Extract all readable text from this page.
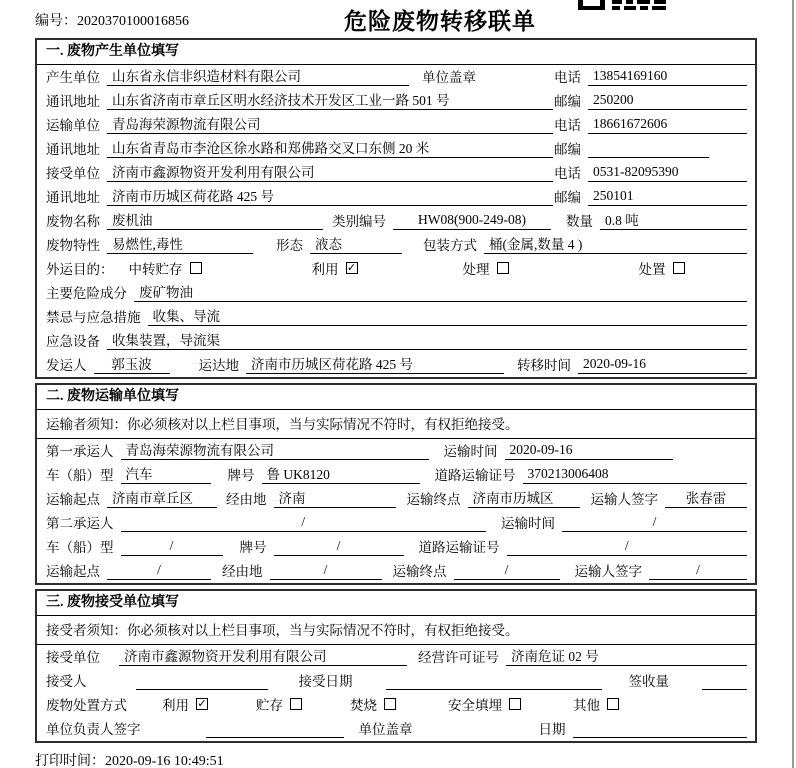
编号：2020370100016856	危险废物转移联单
一. 废物产生单位填写
产生单位 山东省永信非织造材料有限公司	单位盖章	电话 13854169160
通讯地址 山东省济南市章丘区明水经济技术开发区工业一路 501 号	邮编 250200
运输单位 青岛海荣源物流有限公司	电话 18661672606
通讯地址 山东省青岛市李沧区徐水路和郑佛路交叉口东侧 20 米	邮编
接受单位 济南市鑫源物资开发利用有限公司	电话 0531-82095390
通讯地址 济南市历城区荷花路 425 号	邮编 250101
废物名称 废机油	类别编号	HW08(900-249-08)	数量 0.8 吨
废物特性 易燃性,毒性	形态 液态	包装方式 桶(金属,数量 4 )
外运目的：	中转贮存	利用 ✓	处理	处置
主要危险成分 废矿物油
禁忌与应急措施 收集、导流
应急设备 收集装置，导流渠
发运人	郭玉波	运达地 济南市历城区荷花路 425 号	转移时间 2020-09-16
二. 废物运输单位填写
运输者须知：你必须核对以上栏目事项，当与实际情况不符时，有权拒绝接受。
第一承运人 青岛海荣源物流有限公司	运输时间 2020-09-16
车（船）型 汽车	牌号 鲁 UK8120	道路运输证号 370213006408
运输起点 济南市章丘区	经由地 济南	运输终点 济南市历城区	运输人签字	张春雷
第二承运人	/	运输时间	/
车（船）型	/	牌号	/	道路运输证号	/
运输起点	/	经由地	/	运输终点	/	运输人签字	/
三. 废物接受单位填写
接受者须知：你必须核对以上栏目事项，当与实际情况不符时，有权拒绝接受。
接受单位	济南市鑫源物资开发利用有限公司	经营许可证号 济南危证 02 号
接受人	接受日期	签收量
废物处置方式	利用 ✓	贮存	焚烧	安全填埋	其他
单位负责人签字	单位盖章	日期
打印时间：2020-09-16 10:49:51
